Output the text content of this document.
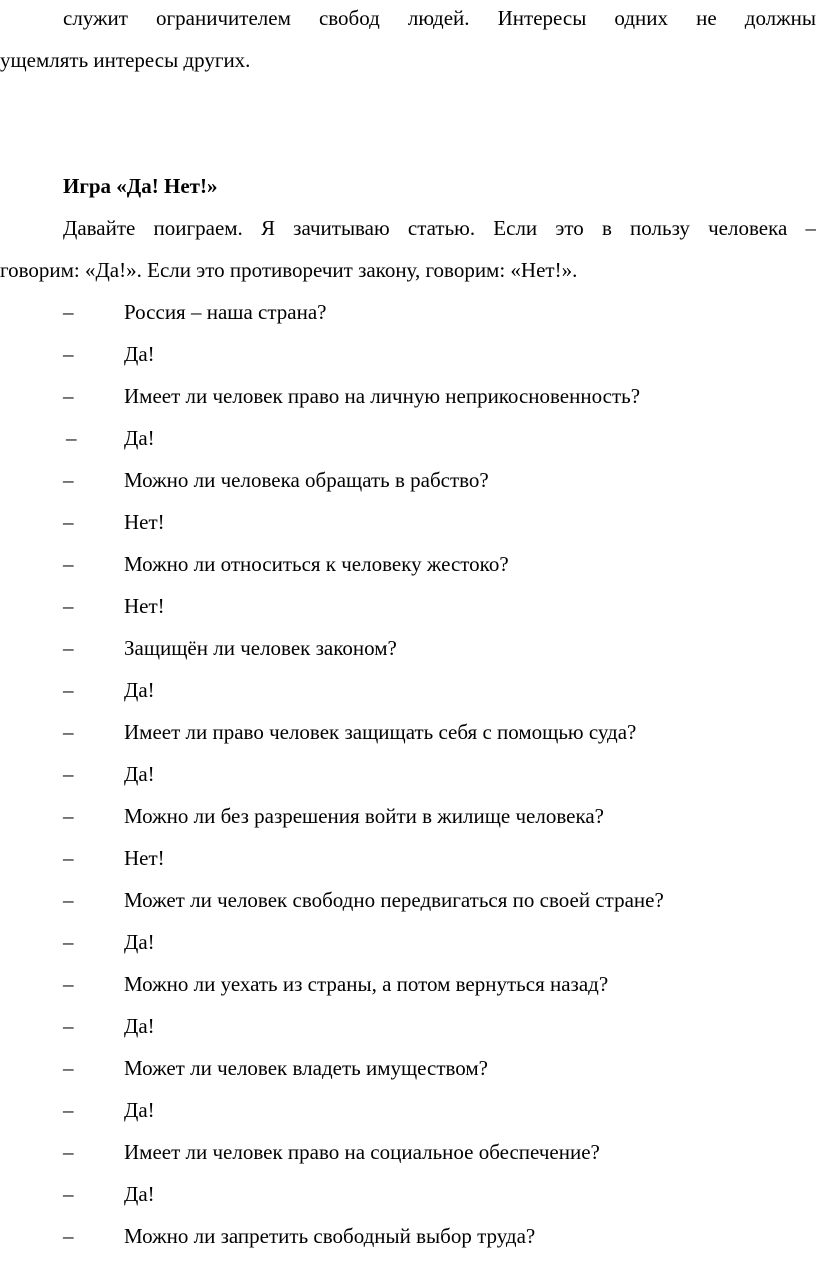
служит ограничителем свобод людей. Интересы одних не должны
ущемлять интересы других.
Игра «Да! Нет!»
Давайте поиграем. Я зачитываю статью. Если это в пользу человека –
говорим: «Да!». Если это противоречит закону, говорим: «Нет!».
– Россия – наша страна?
– Да!
– Имеет ли человек право на личную неприкосновенность?
– Да!
– Можно ли человека обращать в рабство?
– Нет!
– Можно ли относиться к человеку жестоко?
– Нет!
– Защищён ли человек законом?
– Да!
– Имеет ли право человек защищать себя с помощью суда?
– Да!
– Можно ли без разрешения войти в жилище человека?
– Нет!
– Может ли человек свободно передвигаться по своей стране?
– Да!
– Можно ли уехать из страны, а потом вернуться назад?
– Да!
– Может ли человек владеть имуществом?
– Да!
– Имеет ли человек право на социальное обеспечение?
– Да!
– Можно ли запретить свободный выбор труда?
